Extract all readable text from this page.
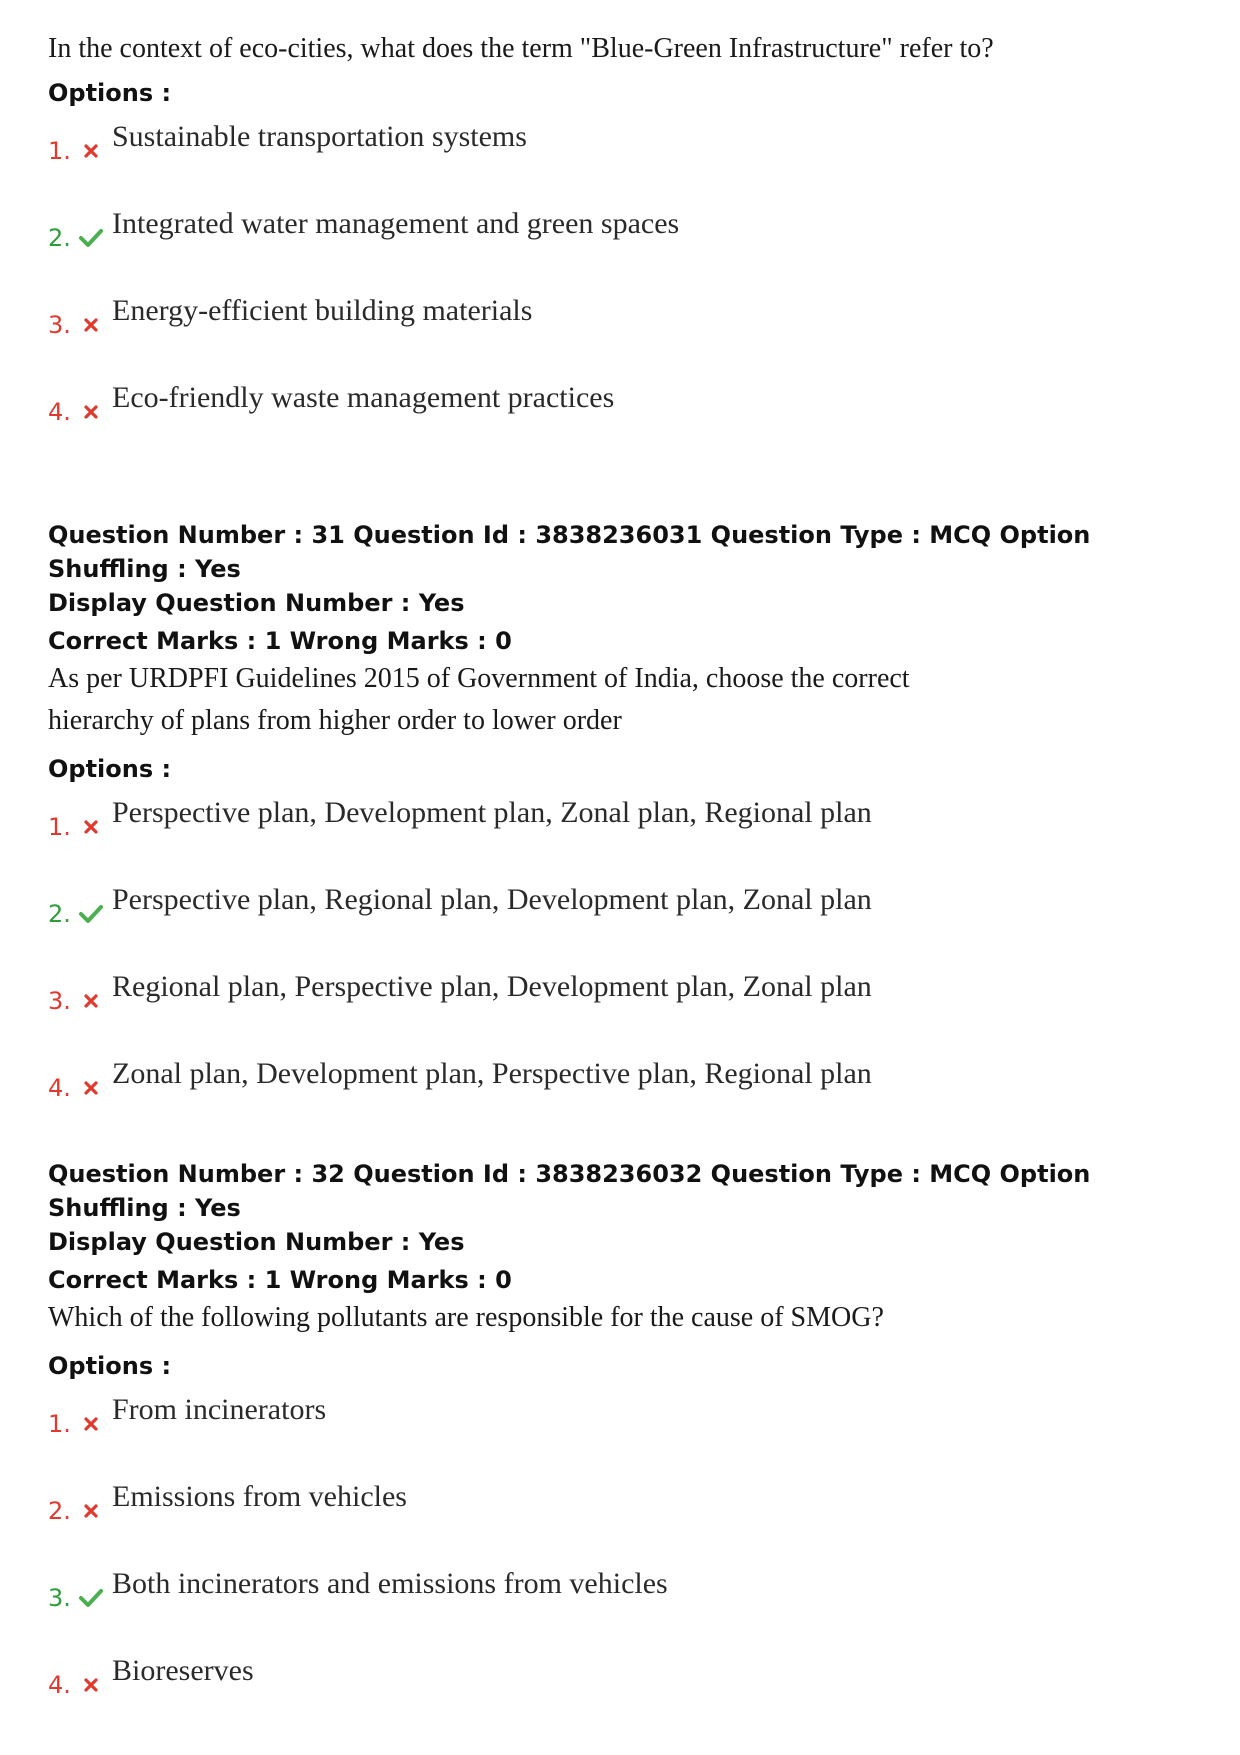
In the context of eco-cities, what does the term "Blue-Green Infrastructure" refer to?
Options :
1. Sustainable transportation systems
2. Integrated water management and green spaces
3. Energy-efficient building materials
4. Eco-friendly waste management practices
Question Number : 31 Question Id : 3838236031 Question Type : MCQ Option Shuffling : Yes
Display Question Number : Yes
Correct Marks : 1 Wrong Marks : 0
As per URDPFI Guidelines 2015 of Government of India, choose the correct
hierarchy of plans from higher order to lower order
Options :
1. Perspective plan, Development plan, Zonal plan, Regional plan
2. Perspective plan, Regional plan, Development plan, Zonal plan
3. Regional plan, Perspective plan, Development plan, Zonal plan
4. Zonal plan, Development plan, Perspective plan, Regional plan
Question Number : 32 Question Id : 3838236032 Question Type : MCQ Option Shuffling : Yes
Display Question Number : Yes
Correct Marks : 1 Wrong Marks : 0
Which of the following pollutants are responsible for the cause of SMOG?
Options :
1. From incinerators
2. Emissions from vehicles
3. Both incinerators and emissions from vehicles
4. Bioreserves
